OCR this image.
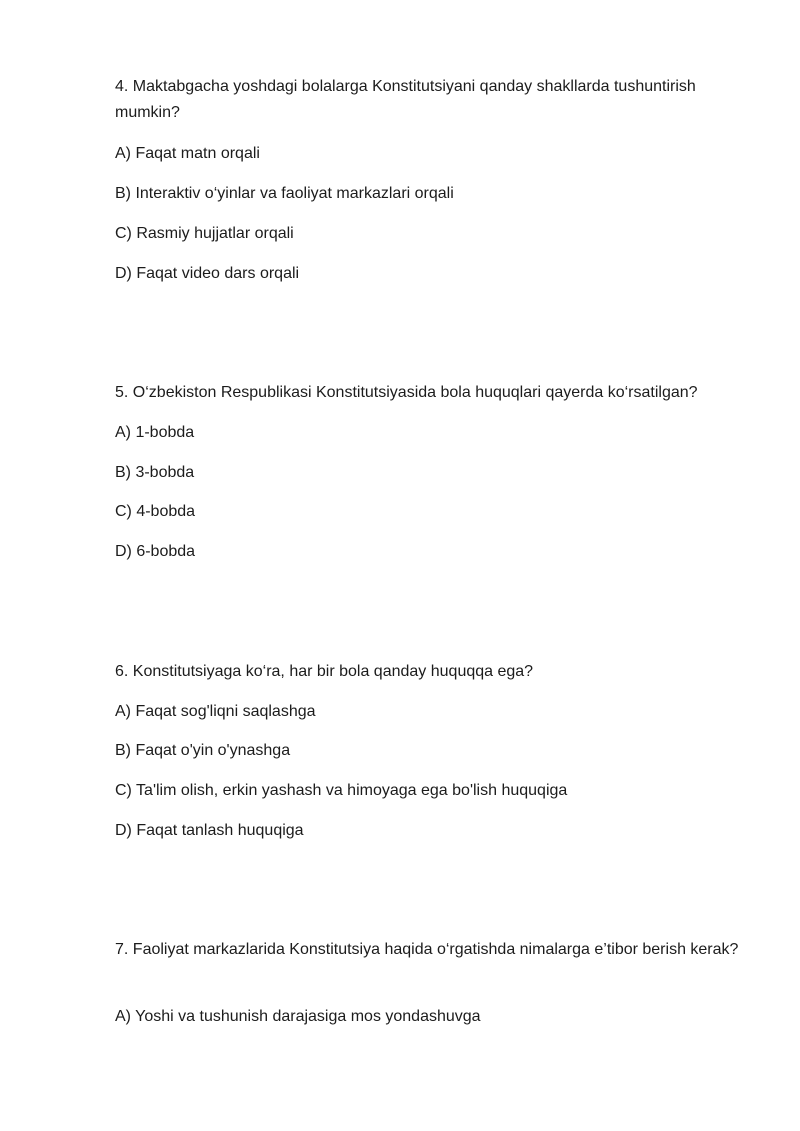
4. Maktabgacha yoshdagi bolalarga Konstitutsiyani qanday shakllarda tushuntirish mumkin?
A) Faqat matn orqali
B) Interaktiv o‘yinlar va faoliyat markazlari orqali
C) Rasmiy hujjatlar orqali
D) Faqat video dars orqali
5. O‘zbekiston Respublikasi Konstitutsiyasida bola huquqlari qayerda ko‘rsatilgan?
A) 1-bobda
B) 3-bobda
C) 4-bobda
D) 6-bobda
6. Konstitutsiyaga ko‘ra, har bir bola qanday huquqqa ega?
A) Faqat sog'liqni saqlashga
B) Faqat o'yin o'ynashga
C) Ta'lim olish, erkin yashash va himoyaga ega bo'lish huquqiga
D) Faqat tanlash huquqiga
7. Faoliyat markazlarida Konstitutsiya haqida o‘rgatishda nimalarga e’tibor berish kerak?
A) Yoshi va tushunish darajasiga mos yondashuvga
